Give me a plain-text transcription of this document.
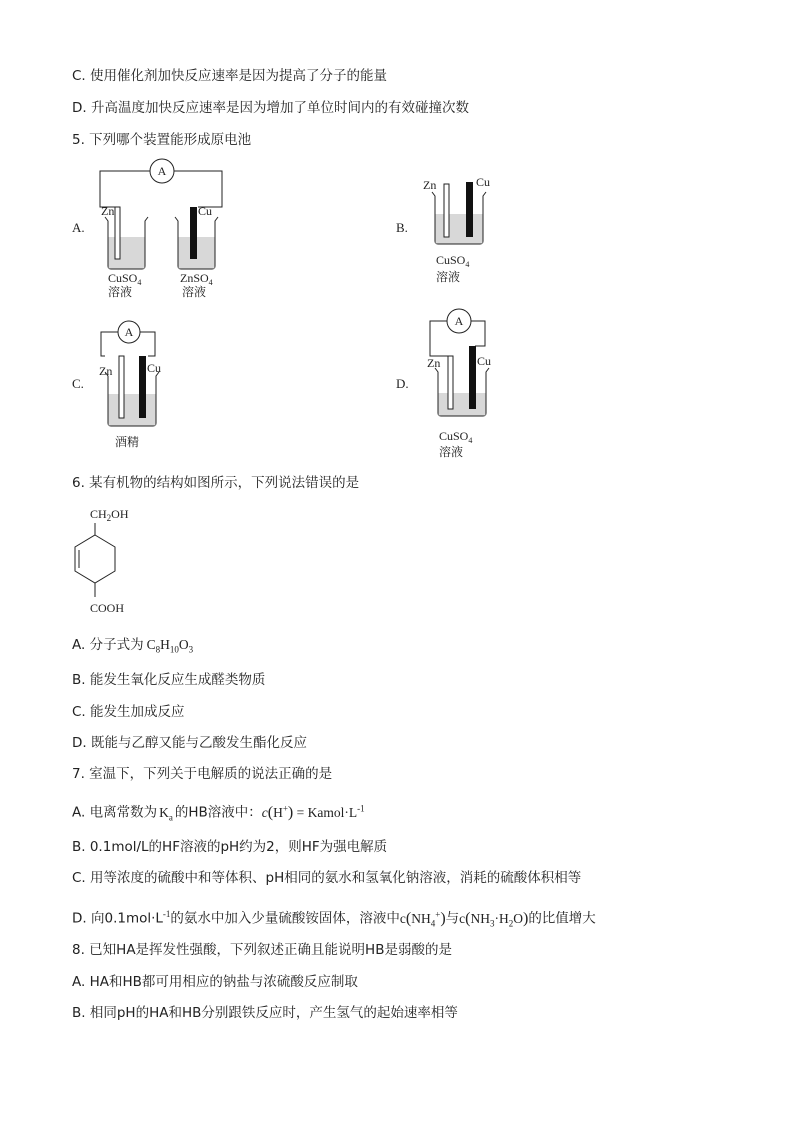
C. 使用催化剂加快反应速率是因为提高了分子的能量
D. 升高温度加快反应速率是因为增加了单位时间内的有效碰撞次数
5. 下列哪个装置能形成原电池
A.	B.
C.	D.
A
Zn
CuSO$_4$
溶液
Cu
ZnSO$_4$
溶液
Zn	Cu
CuSO$_4$
溶液
A
Zn	Cu
酒精
A
Zn	Cu
CuSO$_4$
溶液
6. 某有机物的结构如图所示，下列说法错误的是
$CH_2OH$
COOH
A. 分子式为 $C_8H_{10}O_3$
B. 能发生氧化反应生成醛类物质
C. 能发生加成反应
D. 既能与乙醇又能与乙酸发生酯化反应
7. 室温下，下列关于电解质的说法正确的是
A. 电离常数为 $K_a$ 的HB溶液中：$c(H^+) = Kamol\cdot L^{-1}$
B. 0.1mol/L的HF溶液的pH约为2，则HF为强电解质
C. 用等浓度的硫酸中和等体积、pH相同的氨水和氢氧化钠溶液，消耗的硫酸体积相等
D. 向$0.1mol\cdot L^{-1}$的氨水中加入少量硫酸铵固体，溶液中$c(NH_4^+)$与$c(NH_3\cdot H_2O)$的比值增大
8. 已知HA是挥发性强酸，下列叙述正确且能说明HB是弱酸的是
A. HA和HB都可用相应的钠盐与浓硫酸反应制取
B. 相同pH的HA和HB分别跟铁反应时，产生氢气的起始速率相等
